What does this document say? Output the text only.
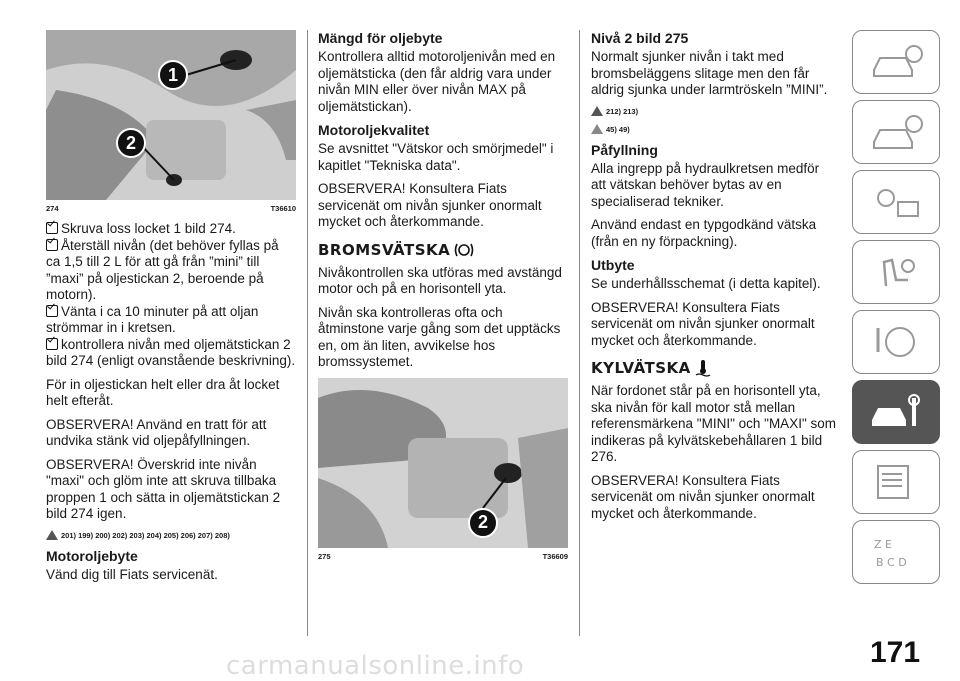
1
2
274	T36610
Skruva loss locket 1 bild 274.
Återställ nivån (det behöver fyllas på ca 1,5 till 2 L för att gå från ”mini” till ”maxi” på oljestickan 2, beroende på motorn).
Vänta i ca 10 minuter på att oljan strömmar in i kretsen.
kontrollera nivån med oljemätstickan 2 bild 274 (enligt ovanstående beskrivning).

För in oljestickan helt eller dra åt locket helt efteråt.

OBSERVERA! Använd en tratt för att undvika stänk vid oljepåfyllningen.

OBSERVERA! Överskrid inte nivån "maxi" och glöm inte att skruva tillbaka proppen 1 och sätta in oljemätstickan 2 bild 274 igen.

201) 199) 200) 202) 203) 204) 205) 206) 207) 208)
Motoroljebyte

Vänd dig till Fiats servicenät.

Mängd för oljebyte

Kontrollera alltid motoroljenivån med en oljemätsticka (den får aldrig vara under nivån MIN eller över nivån MAX på oljemätstickan).

Motoroljekvalitet

Se avsnittet "Vätskor och smörjmedel" i kapitlet "Tekniska data".

OBSERVERA! Konsultera Fiats servicenät om nivån sjunker onormalt mycket och återkommande.

BROMSVÄTSKA

Nivåkontrollen ska utföras med avstängd motor och på en horisontell yta.

Nivån ska kontrolleras ofta och åtminstone varje gång som det upptäcks en, om än liten, avvikelse hos bromssystemet.

2
275	T36609
Nivå 2 bild 275

Normalt sjunker nivån i takt med bromsbeläggens slitage men den får aldrig sjunka under larmtröskeln ”MINI”.

212) 213)
45) 49)
Påfyllning

Alla ingrepp på hydraulkretsen medför att vätskan behöver bytas av en specialiserad tekniker.

Använd endast en typgodkänd vätska (från en ny förpackning).

Utbyte

Se underhållsschemat (i detta kapitel).

OBSERVERA! Konsultera Fiats servicenät om nivån sjunker onormalt mycket och återkommande.

KYLVÄTSKA

När fordonet står på en horisontell yta, ska nivån för kall motor stå mellan referensmärkena "MINI" och "MAXI" som indikeras på kylvätskebehållaren 1 bild 276.

OBSERVERA! Konsultera Fiats servicenät om nivån sjunker onormalt mycket och återkommande.

Z E
B C D
171
carmanualsonline.info
